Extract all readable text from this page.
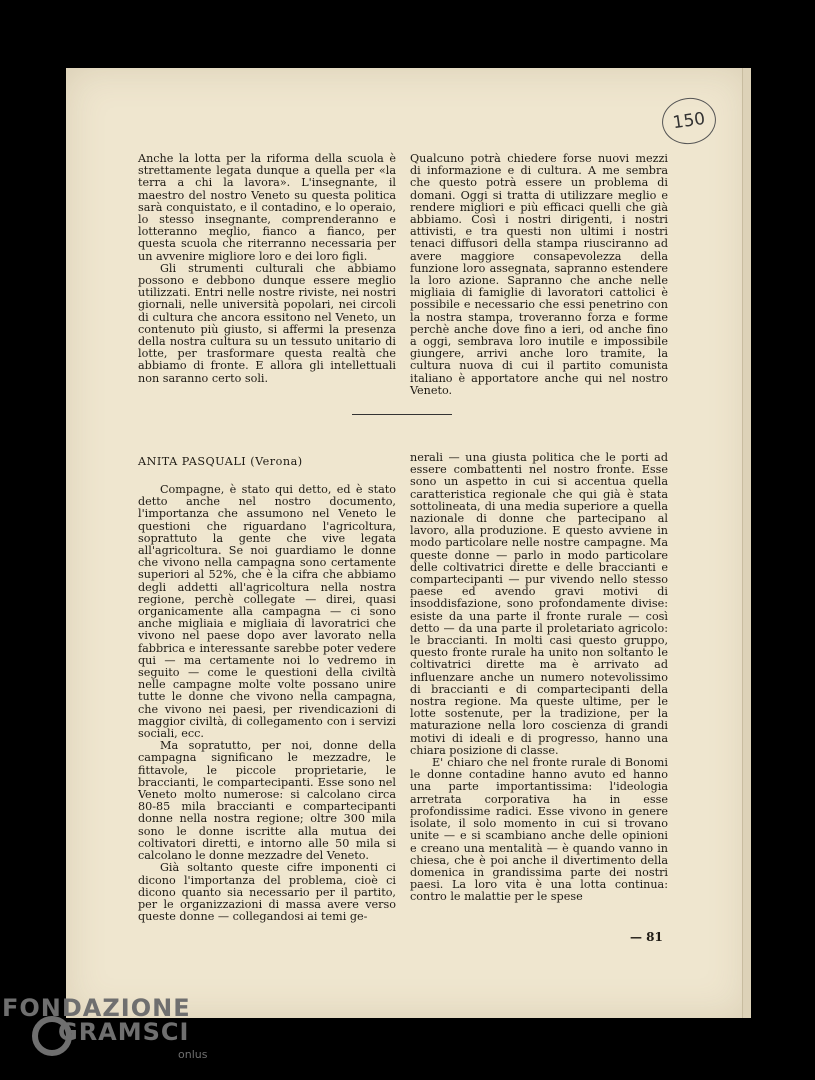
150

Anche la lotta per la riforma della scuola è strettamente legata dunque a quella per «la terra a chi la lavora». L'insegnante, il maestro del nostro Veneto su questa politica sarà conquistato, e il contadino, e lo operaio, lo stesso insegnante, comprenderanno e lotteranno meglio, fianco a fianco, per questa scuola che riterranno necessaria per un avvenire migliore loro e dei loro figli.

Gli strumenti culturali che abbiamo possono e debbono dunque essere meglio utilizzati. Entri nelle nostre riviste, nei nostri giornali, nelle università popolari, nei circoli di cultura che ancora essitono nel Veneto, un contenuto più giusto, si affermi la presenza della nostra cultura su un tessuto unitario di lotte, per trasformare questa realtà che abbiamo di fronte. E allora gli intellettuali non saranno certo soli.

Qualcuno potrà chiedere forse nuovi mezzi di informazione e di cultura. A me sembra che questo potrà essere un problema di domani. Oggi si tratta di utilizzare meglio e rendere migliori e più efficaci quelli che già abbiamo. Così i nostri dirigenti, i nostri attivisti, e tra questi non ultimi i nostri tenaci diffusori della stampa riusciranno ad avere maggiore consapevolezza della funzione loro assegnata, sapranno estendere la loro azione. Sapranno che anche nelle migliaia di famiglie di lavoratori cattolici è possibile e necessario che essi penetrino con la nostra stampa, troveranno forza e forme perchè anche dove fino a ieri, od anche fino a oggi, sembrava loro inutile e impossibile giungere, arrivi anche loro tramite, la cultura nuova di cui il partito comunista italiano è apportatore anche qui nel nostro Veneto.

ANITA PASQUALI (Verona)

Compagne, è stato qui detto, ed è stato detto anche nel nostro documento, l'importanza che assumono nel Veneto le questioni che riguardano l'agricoltura, soprattuto la gente che vive legata all'agricoltura. Se noi guardiamo le donne che vivono nella campagna sono certamente superiori al 52%, che è la cifra che abbiamo degli addetti all'agricoltura nella nostra regione, perchè collegate — direi, quasi organicamente alla campagna — ci sono anche migliaia e migliaia di lavoratrici che vivono nel paese dopo aver lavorato nella fabbrica e interessante sarebbe poter vedere qui — ma certamente noi lo vedremo in seguito — come le questioni della civiltà nelle campagne molte volte possano unire tutte le donne che vivono nella campagna, che vivono nei paesi, per rivendicazioni di maggior civiltà, di collegamento con i servizi sociali, ecc.

Ma sopratutto, per noi, donne della campagna significano le mezzadre, le fittavole, le piccole proprietarie, le braccianti, le compartecipanti. Esse sono nel Veneto molto numerose: si calcolano circa 80-85 mila braccianti e compartecipanti donne nella nostra regione; oltre 300 mila sono le donne iscritte alla mutua dei coltivatori diretti, e intorno alle 50 mila si calcolano le donne mezzadre del Veneto.

Già soltanto queste cifre imponenti ci dicono l'importanza del problema, cioè ci dicono quanto sia necessario per il partito, per le organizzazioni di massa avere verso queste donne — collegandosi ai temi ge-

nerali — una giusta politica che le porti ad essere combattenti nel nostro fronte. Esse sono un aspetto in cui si accentua quella caratteristica regionale che qui già è stata sottolineata, di una media superiore a quella nazionale di donne che partecipano al lavoro, alla produzione. E questo avviene in modo particolare nelle nostre campagne. Ma queste donne — parlo in modo particolare delle coltivatrici dirette e delle braccianti e compartecipanti — pur vivendo nello stesso paese ed avendo gravi motivi di insoddisfazione, sono profondamente divise: esiste da una parte il fronte rurale — così detto — da una parte il proletariato agricolo: le braccianti. In molti casi questo gruppo, questo fronte rurale ha unito non soltanto le coltivatrici dirette ma è arrivato ad influenzare anche un numero notevolissimo di braccianti e di compartecipanti della nostra regione. Ma queste ultime, per le lotte sostenute, per la tradizione, per la maturazione nella loro coscienza di grandi motivi di ideali e di progresso, hanno una chiara posizione di classe.

E' chiaro che nel fronte rurale di Bonomi le donne contadine hanno avuto ed hanno una parte importantissima: l'ideologia arretrata corporativa ha in esse profondissime radici. Esse vivono in genere isolate, il solo momento in cui si trovano unite — e si scambiano anche delle opinioni e creano una mentalità — è quando vanno in chiesa, che è poi anche il divertimento della domenica in grandissima parte dei nostri paesi. La loro vita è una lotta continua: contro le malattie per le spese

— 81
FONDAZIONE
GRAMSCI
onlus
